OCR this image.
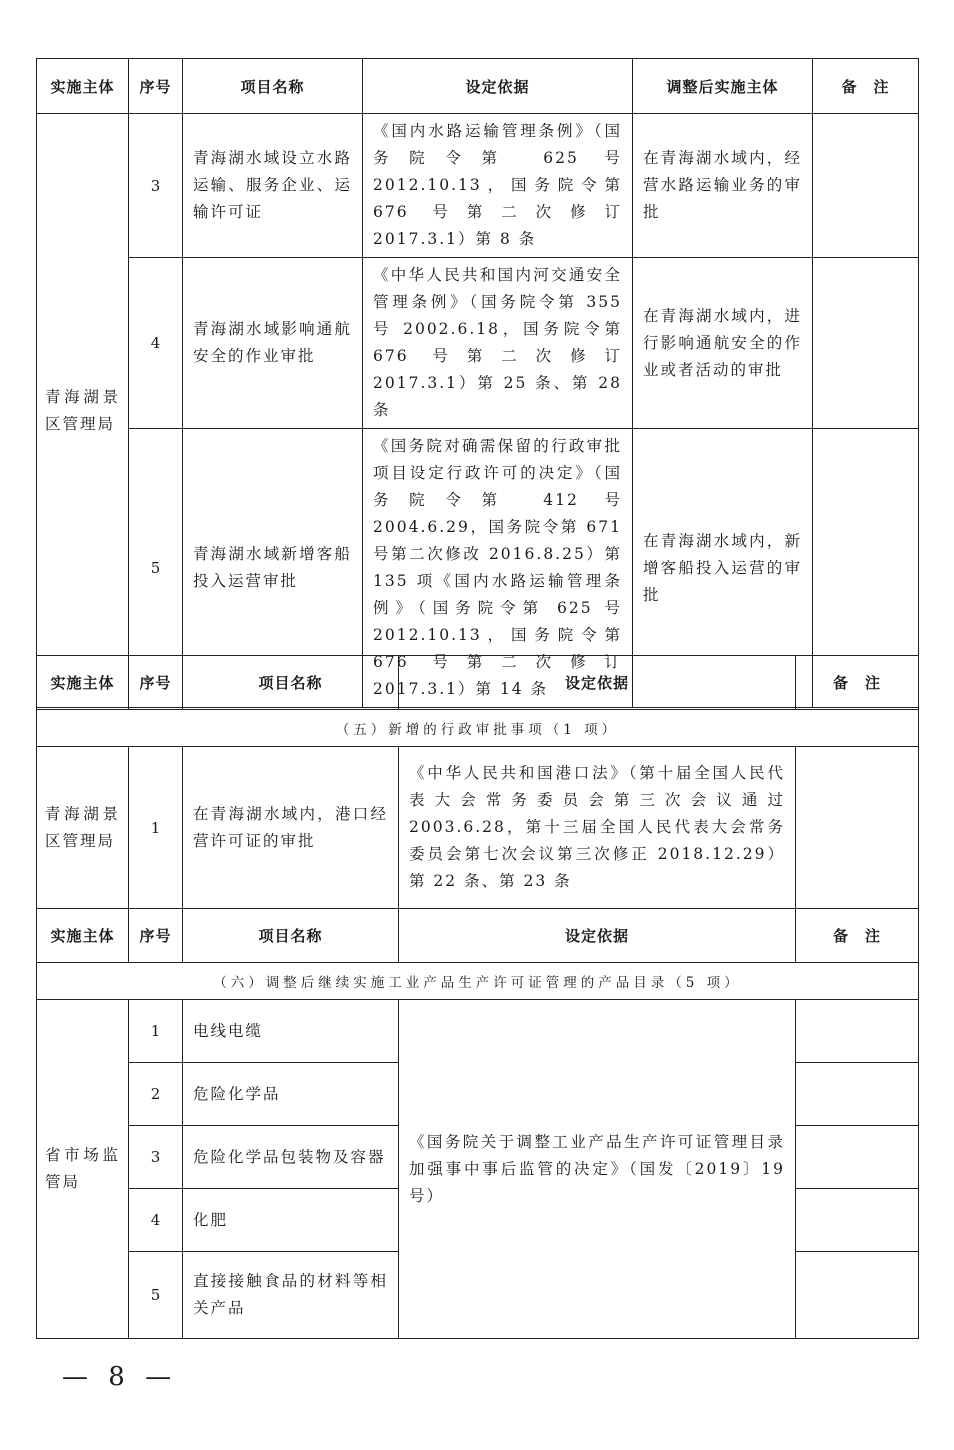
实施主体	序号	项目名称	设定依据	调整后实施主体	备　注
青海湖景区管理局	3	青海湖水域设立水路运输、服务企业、运输许可证	《国内水路运输管理条例》（国务院令第 625 号 2012.10.13，国务院令第 676 号第二次修订 2017.3.1）第 8 条	在青海湖水域内，经营水路运输业务的审批	
	4	青海湖水域影响通航安全的作业审批	《中华人民共和国内河交通安全管理条例》（国务院令第 355 号 2002.6.18，国务院令第 676 号第二次修订 2017.3.1）第 25 条、第 28 条	在青海湖水域内，进行影响通航安全的作业或者活动的审批	
	5	青海湖水域新增客船投入运营审批	《国务院对确需保留的行政审批项目设定行政许可的决定》（国务院令第 412 号 2004.6.29，国务院令第 671 号第二次修改 2016.8.25）第 135 项《国内水路运输管理条例》（国务院令第 625 号 2012.10.13，国务院令第 676 号第二次修订 2017.3.1）第 14 条	在青海湖水域内，新增客船投入运营的审批	
实施主体	序号	项目名称	设定依据	备　注
（五）新增的行政审批事项（1 项）				
青海湖景区管理局	1	在青海湖水域内，港口经营许可证的审批	《中华人民共和国港口法》（第十届全国人民代表大会常务委员会第三次会议通过 2003.6.28，第十三届全国人民代表大会常务委员会第七次会议第三次修正 2018.12.29）第 22 条、第 23 条	
实施主体	序号	项目名称	设定依据	备　注
（六）调整后继续实施工业产品生产许可证管理的产品目录（5 项）				
省市场监管局	1	电线电缆	《国务院关于调整工业产品生产许可证管理目录加强事中事后监管的决定》（国发〔2019〕19 号）	
	2	危险化学品		
	3	危险化学品包装物及容器		
	4	化肥		
	5	直接接触食品的材料等相关产品		
— 8 —
